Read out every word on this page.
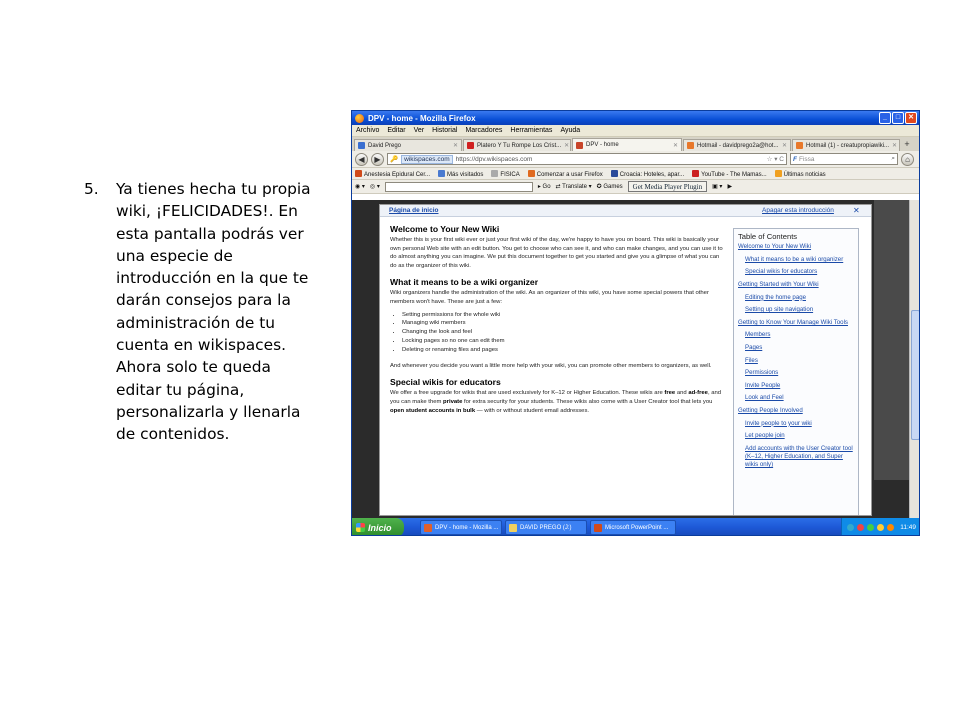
5. Ya tienes hecha tu propia wiki, ¡FELICIDADES!. En esta pantalla podrás ver una especie de introducción en la que te darán consejos para la administración de tu cuenta en wikispaces. Ahora solo te queda editar tu página, personalizarla y llenarla de contenidos.
DPV - home - Mozilla Firefox	_	□	✕
Archivo Editar Ver Historial Marcadores Herramientas Ayuda
David Prego	✕	Platero Y Tu Rompe Los Crist... ✕	DPV - home	✕	Hotmail - davidprego2a@hot... ✕	Hotmail (1) - creatupropiawiki... ✕ +
◀	▶	🔑 wikispaces.com https://dpv.wikispaces.com	☆ ▾ C F Fissa	⌕	⌂
Anestesia Epidural Cer...	Más visitados	FISICA	Comenzar a usar Firefox	Croacia: Hoteles, apar...	YouTube - The Mamas...	Últimas noticias
◉ ▾ ◎ ▾	▸ Go ⇄ Translate ▾ ✪ Games	Get Media Player Plugin	▣ ▾ ▶
Página de inicio	Apagar esta introducción ✕
Welcome to Your New Wiki

Whether this is your first wiki ever or just your first wiki of the day, we're happy to have you on board. This wiki is basically your own personal Web site with an edit button. You get to choose who can see it, and who can make changes, and you can use it to do almost anything you can imagine. We put this document together to get you started and give you a glimpse of what you can do as the organizer of this wiki.

What it means to be a wiki organizer

Wiki organizers handle the administration of the wiki. As an organizer of this wiki, you have some special powers that other members won't have. These are just a few:

• Setting permissions for the whole wiki
• Managing wiki members
• Changing the look and feel
• Locking pages so no one can edit them
• Deleting or renaming files and pages

And whenever you decide you want a little more help with your wiki, you can promote other members to organizers, as well.

Special wikis for educators

We offer a free upgrade for wikis that are used exclusively for K–12 or Higher Education. These wikis are free and ad-free, and you can make them private for extra security for your students. These wikis also come with a User Creator tool that lets you open student accounts in bulk — with or without student email addresses.

Table of Contents
Welcome to Your New Wiki
What it means to be a wiki organizer
Special wikis for educators
Getting Started with Your Wiki
Editing the home page
Setting up site navigation
Getting to Know Your Manage Wiki Tools
Members
Pages
Files
Permissions
Invite People
Look and Feel
Getting People Involved
Invite people to your wiki
Let people join
Add accounts with the User Creator tool (K–12, Higher Education, and Super wikis only)
Inicio	DPV - home - Mozilla ...	DAVID PREGO (J:)	Microsoft PowerPoint ...	11:49
